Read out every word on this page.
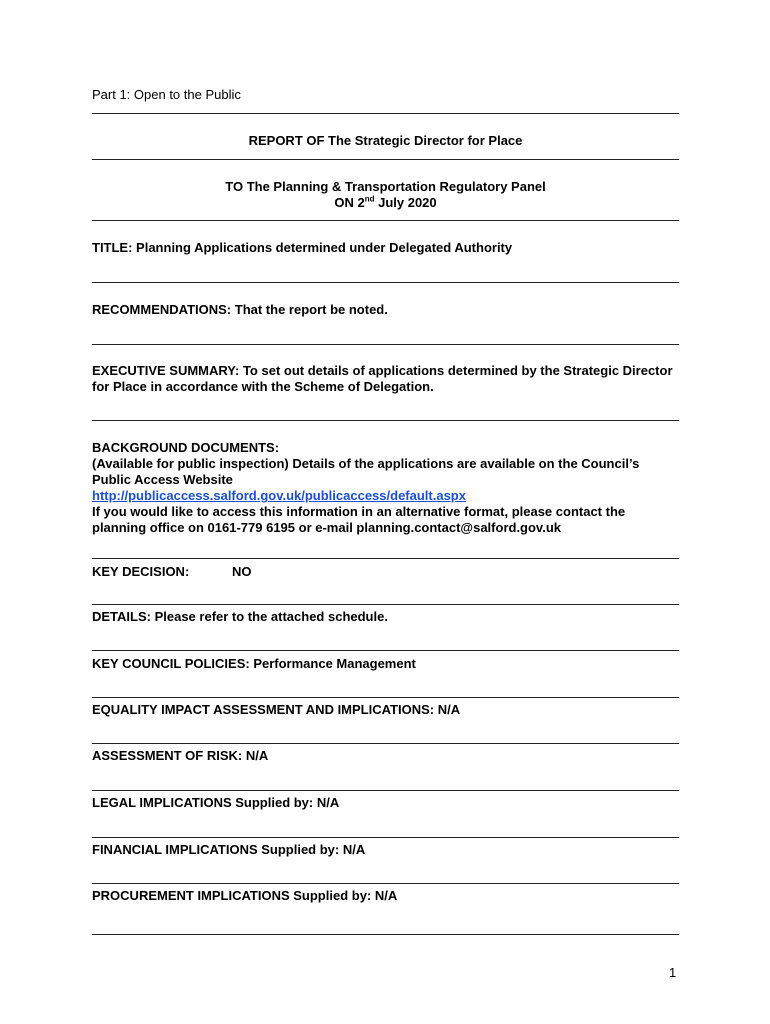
Part 1: Open to the Public
REPORT OF The Strategic Director for Place
TO The Planning & Transportation Regulatory Panel
ON 2nd July 2020
TITLE: Planning Applications determined under Delegated Authority
RECOMMENDATIONS: That the report be noted.
EXECUTIVE SUMMARY: To set out details of applications determined by the Strategic Director for Place in accordance with the Scheme of Delegation.
BACKGROUND DOCUMENTS:
(Available for public inspection) Details of the applications are available on the Council’s Public Access Website
http://publicaccess.salford.gov.uk/publicaccess/default.aspx
If you would like to access this information in an alternative format, please contact the planning office on 0161-779 6195 or e-mail planning.contact@salford.gov.uk
KEY DECISION:	NO
DETAILS: Please refer to the attached schedule.
KEY COUNCIL POLICIES: Performance Management
EQUALITY IMPACT ASSESSMENT AND IMPLICATIONS: N/A
ASSESSMENT OF RISK: N/A
LEGAL IMPLICATIONS Supplied by: N/A
FINANCIAL IMPLICATIONS Supplied by: N/A
PROCUREMENT IMPLICATIONS Supplied by: N/A
1
